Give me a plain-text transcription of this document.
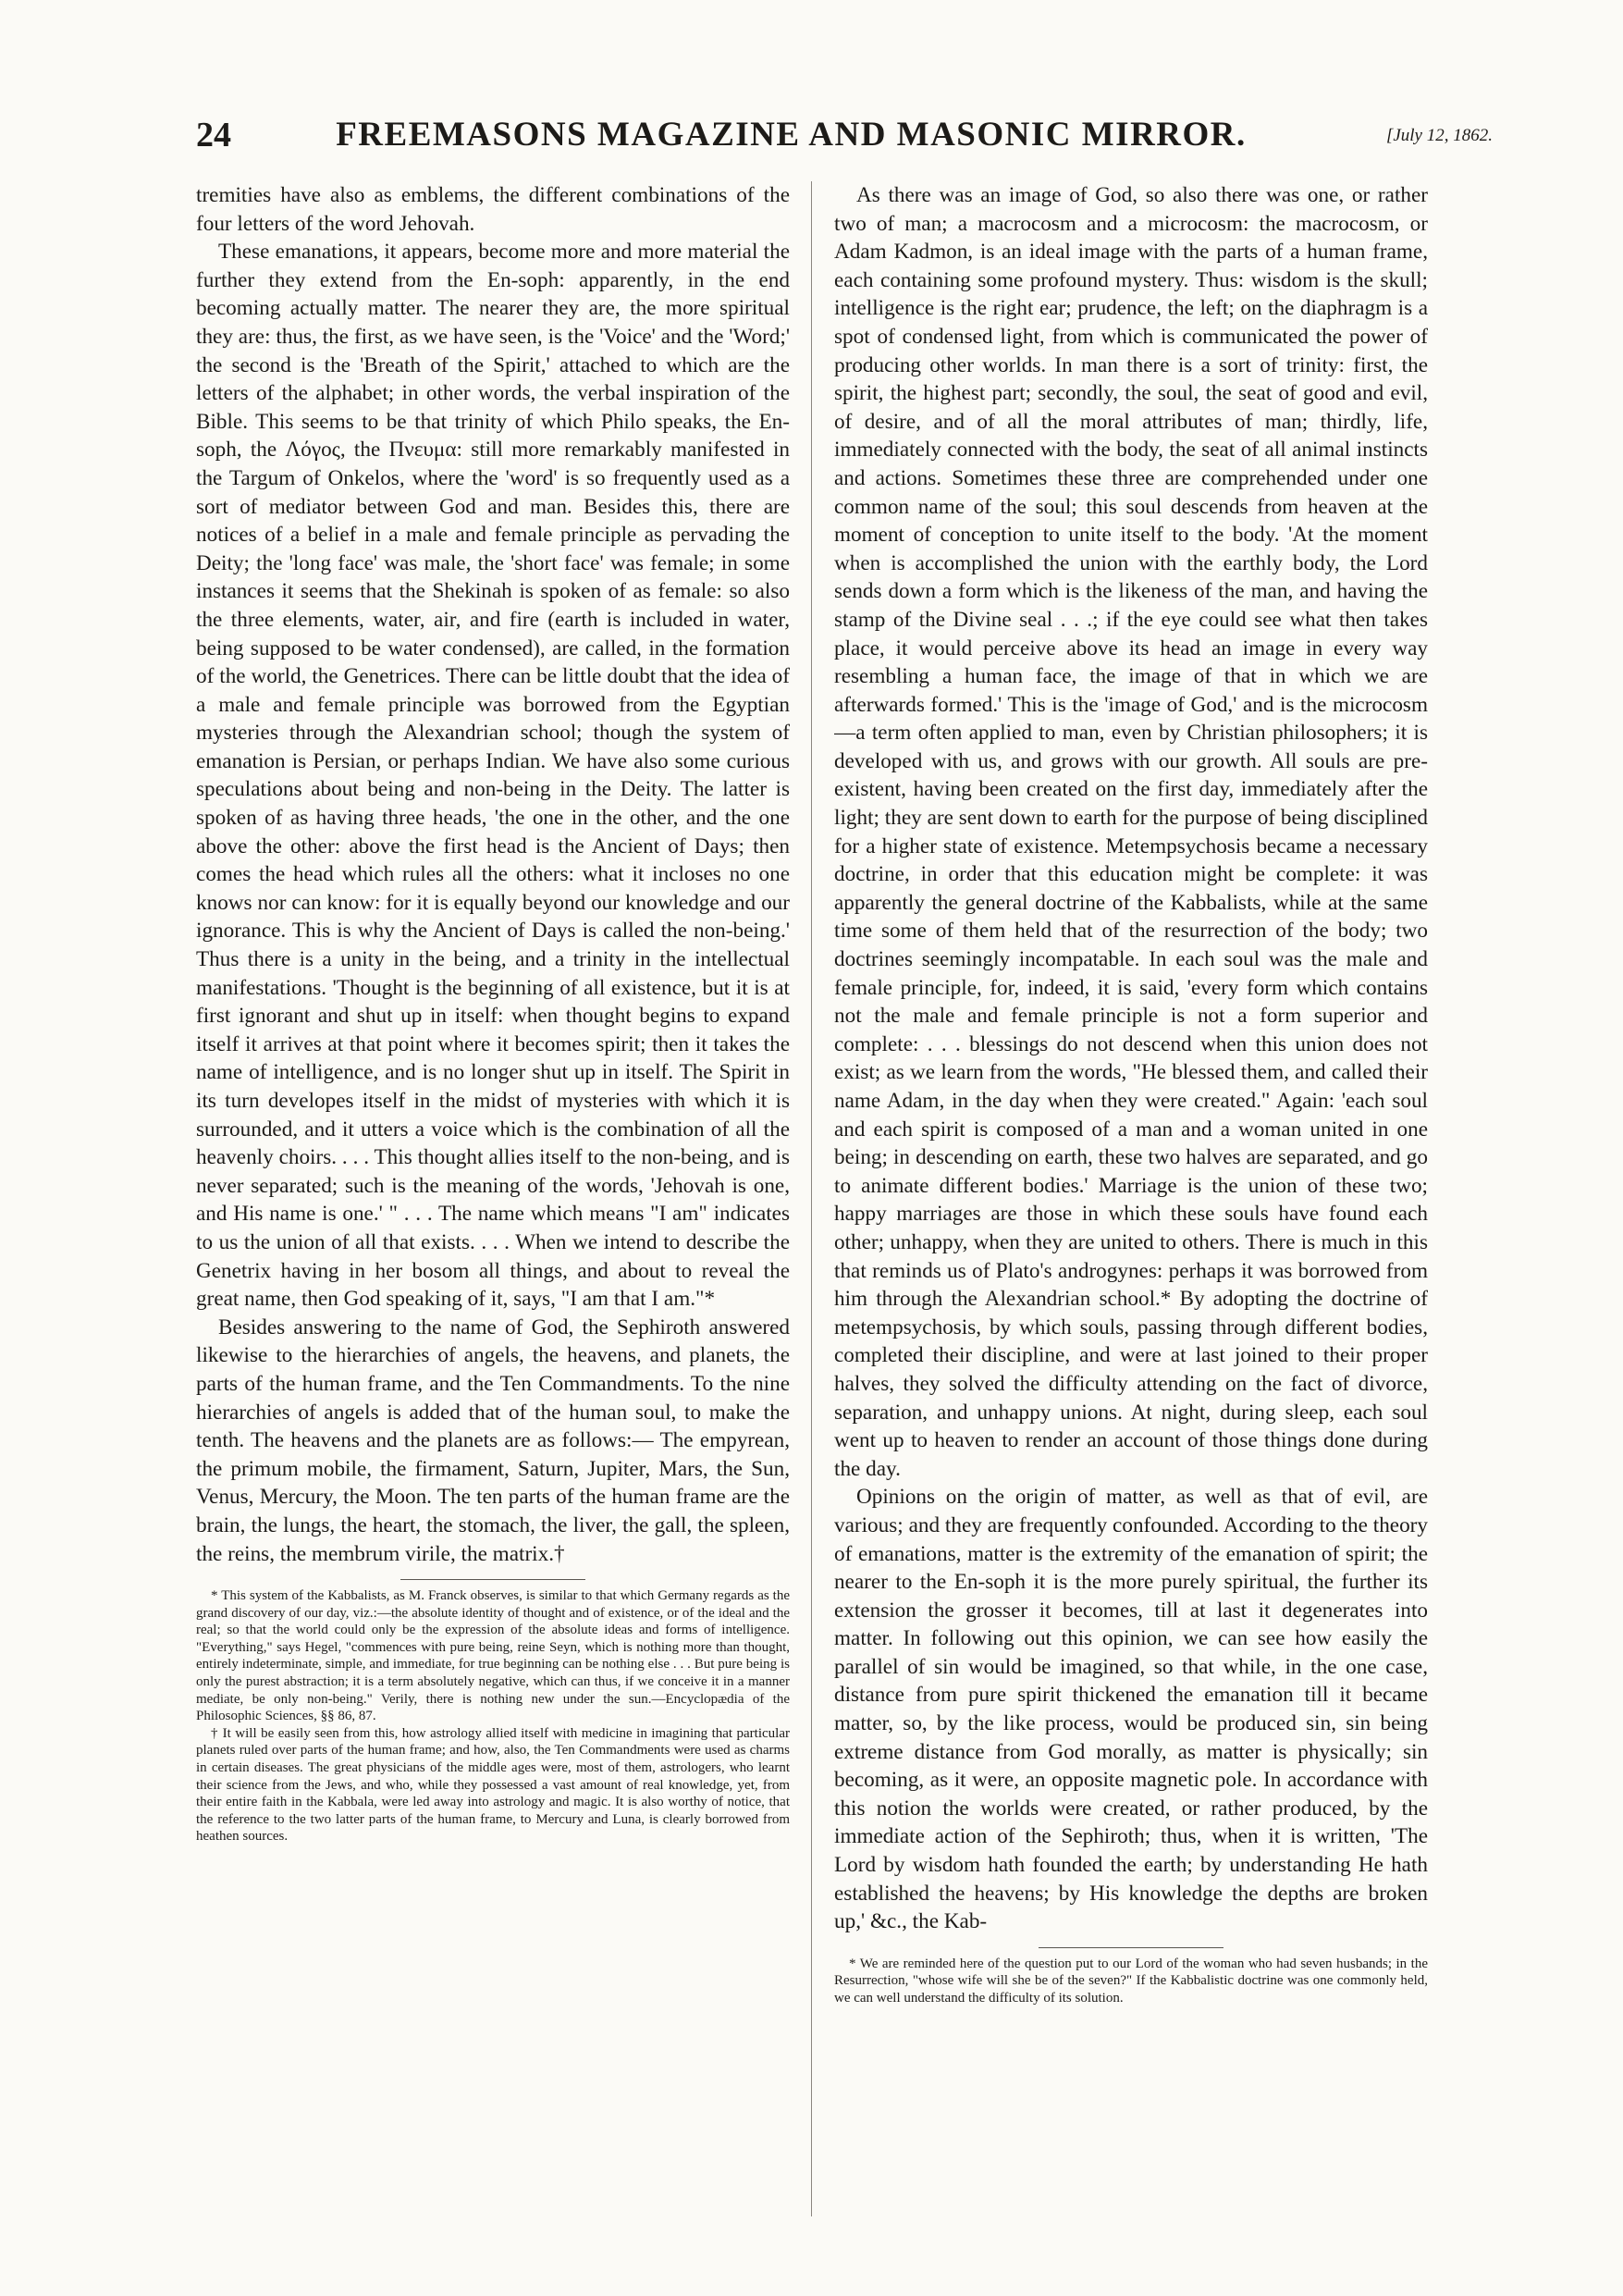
24	FREEMASONS MAGAZINE AND MASONIC MIRROR.	[July 12, 1862.

tremities have also as emblems, the different combinations of the four letters of the word Jehovah.

These emanations, it appears, become more and more material the further they extend from the En-soph: apparently, in the end becoming actually matter. The nearer they are, the more spiritual they are: thus, the first, as we have seen, is the 'Voice' and the 'Word;' the second is the 'Breath of the Spirit,' attached to which are the letters of the alphabet; in other words, the verbal inspiration of the Bible. This seems to be that trinity of which Philo speaks, the En-soph, the Λόγος, the Πνευμα: still more remarkably manifested in the Targum of Onkelos, where the 'word' is so frequently used as a sort of mediator between God and man. Besides this, there are notices of a belief in a male and female principle as pervading the Deity; the 'long face' was male, the 'short face' was female; in some instances it seems that the Shekinah is spoken of as female: so also the three elements, water, air, and fire (earth is included in water, being supposed to be water condensed), are called, in the formation of the world, the Genetrices. There can be little doubt that the idea of a male and female principle was borrowed from the Egyptian mysteries through the Alexandrian school; though the system of emanation is Persian, or perhaps Indian. We have also some curious speculations about being and non-being in the Deity. The latter is spoken of as having three heads, 'the one in the other, and the one above the other: above the first head is the Ancient of Days; then comes the head which rules all the others: what it incloses no one knows nor can know: for it is equally beyond our knowledge and our ignorance. This is why the Ancient of Days is called the non-being.' Thus there is a unity in the being, and a trinity in the intellectual manifestations. 'Thought is the beginning of all existence, but it is at first ignorant and shut up in itself: when thought begins to expand itself it arrives at that point where it becomes spirit; then it takes the name of intelligence, and is no longer shut up in itself. The Spirit in its turn developes itself in the midst of mysteries with which it is surrounded, and it utters a voice which is the combination of all the heavenly choirs. . . . This thought allies itself to the non-being, and is never separated; such is the meaning of the words, 'Jehovah is one, and His name is one.' " . . . The name which means "I am" indicates to us the union of all that exists. . . . When we intend to describe the Genetrix having in her bosom all things, and about to reveal the great name, then God speaking of it, says, "I am that I am."*

Besides answering to the name of God, the Sephiroth answered likewise to the hierarchies of angels, the heavens, and planets, the parts of the human frame, and the Ten Commandments. To the nine hierarchies of angels is added that of the human soul, to make the tenth. The heavens and the planets are as follows:— The empyrean, the primum mobile, the firmament, Saturn, Jupiter, Mars, the Sun, Venus, Mercury, the Moon. The ten parts of the human frame are the brain, the lungs, the heart, the stomach, the liver, the gall, the spleen, the reins, the membrum virile, the matrix.†

* This system of the Kabbalists, as M. Franck observes, is similar to that which Germany regards as the grand discovery of our day, viz.:—the absolute identity of thought and of existence, or of the ideal and the real; so that the world could only be the expression of the absolute ideas and forms of intelligence. "Everything," says Hegel, "commences with pure being, reine Seyn, which is nothing more than thought, entirely indeterminate, simple, and immediate, for true beginning can be nothing else . . . But pure being is only the purest abstraction; it is a term absolutely negative, which can thus, if we conceive it in a manner mediate, be only non-being." Verily, there is nothing new under the sun.—Encyclopædia of the Philosophic Sciences, §§ 86, 87.

† It will be easily seen from this, how astrology allied itself with medicine in imagining that particular planets ruled over parts of the human frame; and how, also, the Ten Commandments were used as charms in certain diseases. The great physicians of the middle ages were, most of them, astrologers, who learnt their science from the Jews, and who, while they possessed a vast amount of real knowledge, yet, from their entire faith in the Kabbala, were led away into astrology and magic. It is also worthy of notice, that the reference to the two latter parts of the human frame, to Mercury and Luna, is clearly borrowed from heathen sources.

As there was an image of God, so also there was one, or rather two of man; a macrocosm and a microcosm: the macrocosm, or Adam Kadmon, is an ideal image with the parts of a human frame, each containing some profound mystery. Thus: wisdom is the skull; intelligence is the right ear; prudence, the left; on the diaphragm is a spot of condensed light, from which is communicated the power of producing other worlds. In man there is a sort of trinity: first, the spirit, the highest part; secondly, the soul, the seat of good and evil, of desire, and of all the moral attributes of man; thirdly, life, immediately connected with the body, the seat of all animal instincts and actions. Sometimes these three are comprehended under one common name of the soul; this soul descends from heaven at the moment of conception to unite itself to the body. 'At the moment when is accomplished the union with the earthly body, the Lord sends down a form which is the likeness of the man, and having the stamp of the Divine seal . . .; if the eye could see what then takes place, it would perceive above its head an image in every way resembling a human face, the image of that in which we are afterwards formed.' This is the 'image of God,' and is the microcosm—a term often applied to man, even by Christian philosophers; it is developed with us, and grows with our growth. All souls are pre-existent, having been created on the first day, immediately after the light; they are sent down to earth for the purpose of being disciplined for a higher state of existence. Metempsychosis became a necessary doctrine, in order that this education might be complete: it was apparently the general doctrine of the Kabbalists, while at the same time some of them held that of the resurrection of the body; two doctrines seemingly incompatable. In each soul was the male and female principle, for, indeed, it is said, 'every form which contains not the male and female principle is not a form superior and complete: . . . blessings do not descend when this union does not exist; as we learn from the words, "He blessed them, and called their name Adam, in the day when they were created." Again: 'each soul and each spirit is composed of a man and a woman united in one being; in descending on earth, these two halves are separated, and go to animate different bodies.' Marriage is the union of these two; happy marriages are those in which these souls have found each other; unhappy, when they are united to others. There is much in this that reminds us of Plato's androgynes: perhaps it was borrowed from him through the Alexandrian school.* By adopting the doctrine of metempsychosis, by which souls, passing through different bodies, completed their discipline, and were at last joined to their proper halves, they solved the difficulty attending on the fact of divorce, separation, and unhappy unions. At night, during sleep, each soul went up to heaven to render an account of those things done during the day.

Opinions on the origin of matter, as well as that of evil, are various; and they are frequently confounded. According to the theory of emanations, matter is the extremity of the emanation of spirit; the nearer to the En-soph it is the more purely spiritual, the further its extension the grosser it becomes, till at last it degenerates into matter. In following out this opinion, we can see how easily the parallel of sin would be imagined, so that while, in the one case, distance from pure spirit thickened the emanation till it became matter, so, by the like process, would be produced sin, sin being extreme distance from God morally, as matter is physically; sin becoming, as it were, an opposite magnetic pole. In accordance with this notion the worlds were created, or rather produced, by the immediate action of the Sephiroth; thus, when it is written, 'The Lord by wisdom hath founded the earth; by understanding He hath established the heavens; by His knowledge the depths are broken up,' &c., the Kab-

* We are reminded here of the question put to our Lord of the woman who had seven husbands; in the Resurrection, "whose wife will she be of the seven?" If the Kabbalistic doctrine was one commonly held, we can well understand the difficulty of its solution.
